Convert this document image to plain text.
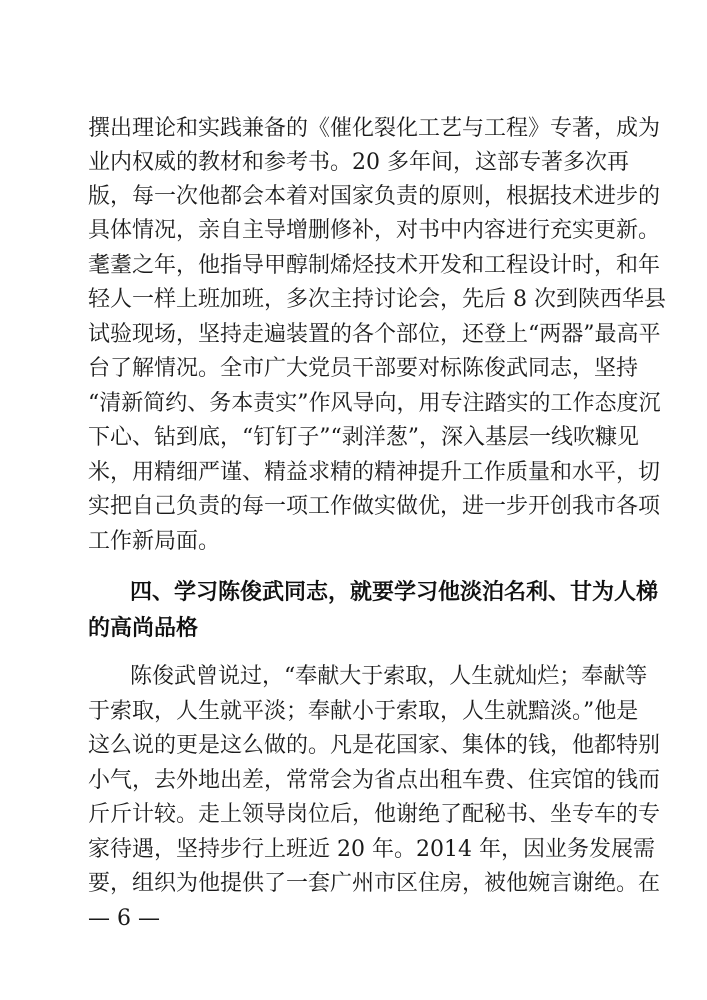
撰出理论和实践兼备的《催化裂化工艺与工程》专著，成为
业内权威的教材和参考书。20 多年间，这部专著多次再
版，每一次他都会本着对国家负责的原则，根据技术进步的
具体情况，亲自主导增删修补，对书中内容进行充实更新。
耄耋之年，他指导甲醇制烯烃技术开发和工程设计时，和年
轻人一样上班加班，多次主持讨论会，先后 8 次到陕西华县
试验现场，坚持走遍装置的各个部位，还登上“两器”最高平
台了解情况。全市广大党员干部要对标陈俊武同志，坚持
“清新简约、务本责实”作风导向，用专注踏实的工作态度沉
下心、钻到底，“钉钉子”“剥洋葱”，深入基层一线吹糠见
米，用精细严谨、精益求精的精神提升工作质量和水平，切
实把自己负责的每一项工作做实做优，进一步开创我市各项
工作新局面。
四、学习陈俊武同志，就要学习他淡泊名利、甘为人梯
的高尚品格
陈俊武曾说过，“奉献大于索取，人生就灿烂；奉献等
于索取，人生就平淡；奉献小于索取，人生就黯淡。”他是
这么说的更是这么做的。凡是花国家、集体的钱，他都特别
小气，去外地出差，常常会为省点出租车费、住宾馆的钱而
斤斤计较。走上领导岗位后，他谢绝了配秘书、坐专车的专
家待遇，坚持步行上班近 20 年。2014 年，因业务发展需
要，组织为他提供了一套广州市区住房，被他婉言谢绝。在
— 6 —
